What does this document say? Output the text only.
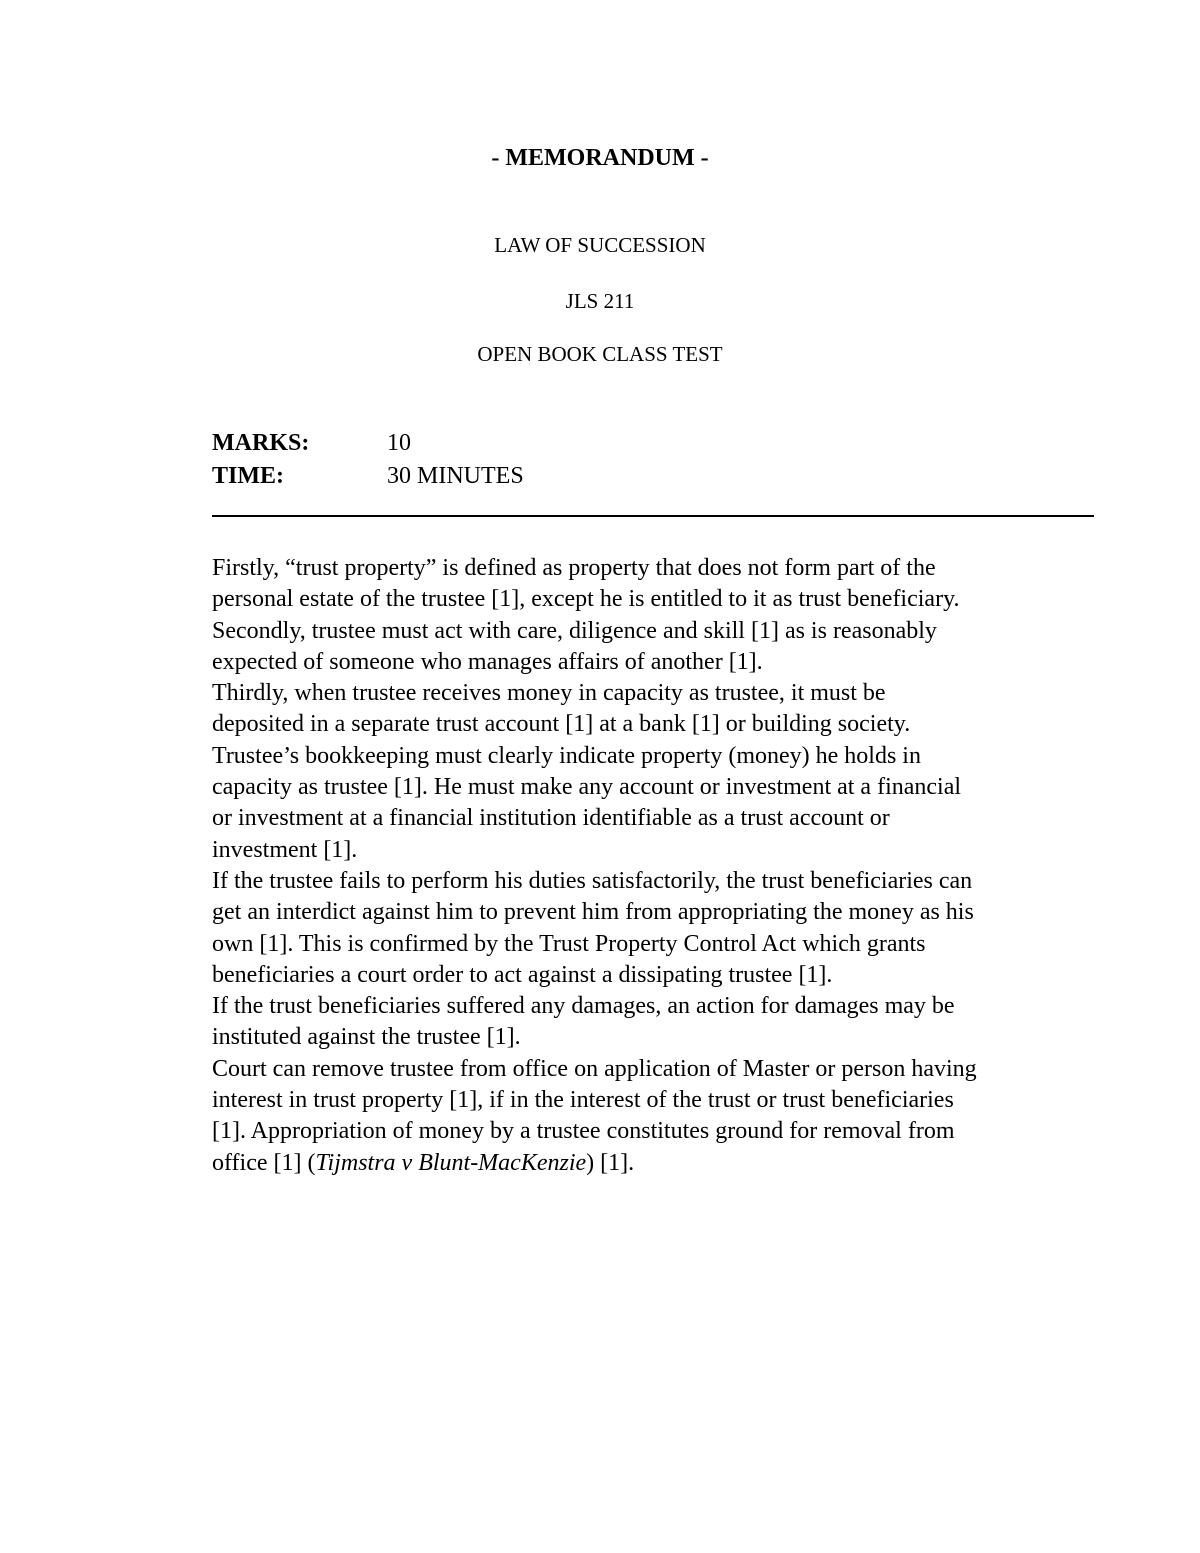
- MEMORANDUM -
LAW OF SUCCESSION
JLS 211
OPEN BOOK CLASS TEST
MARKS:	10
TIME:	30 MINUTES
Firstly, “trust property” is defined as property that does not form part of the
personal estate of the trustee [1], except he is entitled to it as trust beneficiary.
Secondly, trustee must act with care, diligence and skill [1] as is reasonably
expected of someone who manages affairs of another [1].
Thirdly, when trustee receives money in capacity as trustee, it must be
deposited in a separate trust account [1] at a bank [1] or building society.
Trustee’s bookkeeping must clearly indicate property (money) he holds in
capacity as trustee [1]. He must make any account or investment at a financial
or investment at a financial institution identifiable as a trust account or
investment [1].
If the trustee fails to perform his duties satisfactorily, the trust beneficiaries can
get an interdict against him to prevent him from appropriating the money as his
own [1]. This is confirmed by the Trust Property Control Act which grants
beneficiaries a court order to act against a dissipating trustee [1].
If the trust beneficiaries suffered any damages, an action for damages may be
instituted against the trustee [1].
Court can remove trustee from office on application of Master or person having
interest in trust property [1], if in the interest of the trust or trust beneficiaries
[1]. Appropriation of money by a trustee constitutes ground for removal from
office [1] (Tijmstra v Blunt-MacKenzie) [1].
